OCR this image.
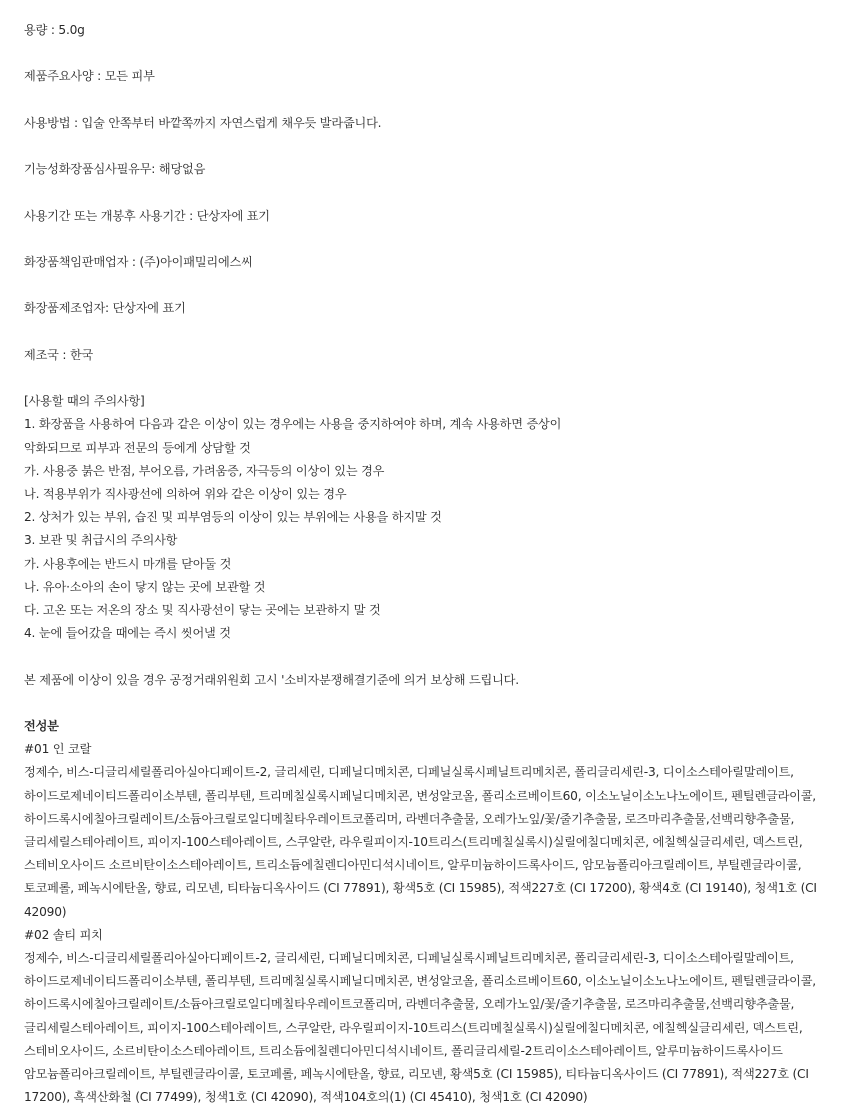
용량 : 5.0g

제품주요사양 : 모든 피부

사용방법 : 입술 안쪽부터 바깥쪽까지 자연스럽게 채우듯 발라줍니다.

기능성화장품심사필유무: 해당없음

사용기간 또는 개봉후 사용기간 : 단상자에 표기

화장품책임판매업자 : (주)아이패밀리에스씨

화장품제조업자: 단상자에 표기

제조국 : 한국

[사용할 때의 주의사항]

1. 화장품을 사용하여 다음과 같은 이상이 있는 경우에는 사용을 중지하여야 하며, 계속 사용하면 증상이

악화되므로 피부과 전문의 등에게 상담할 것

가. 사용중 붉은 반점, 부어오름, 가려움증, 자극등의 이상이 있는 경우

나. 적용부위가 직사광선에 의하여 위와 같은 이상이 있는 경우

2. 상처가 있는 부위, 습진 및 피부염등의 이상이 있는 부위에는 사용을 하지말 것

3. 보관 및 취급시의 주의사항

가. 사용후에는 반드시 마개를 닫아둘 것

나. 유아·소아의 손이 닿지 않는 곳에 보관할 것

다. 고온 또는 저온의 장소 및 직사광선이 닿는 곳에는 보관하지 말 것

4. 눈에 들어갔을 때에는 즉시 씻어낼 것

본 제품에 이상이 있을 경우 공정거래위원회 고시 '소비자분쟁해결기준에 의거 보상해 드립니다.

전성분

#01 인 코랄

정제수, 비스-디글리세릴폴리아실아디페이트-2, 글리세린, 디페닐디메치콘, 디페닐실록시페닐트리메치콘, 폴리글리세린-3, 디이소스테아릴말레이트,

하이드로제네이티드폴리이소부텐, 폴리부텐, 트리메칠실록시페닐디메치콘, 변성알코올, 폴리소르베이트60, 이소노닐이소노나노에이트, 펜틸렌글라이콜,

하이드록시에칠아크릴레이트/소듐아크릴로일디메칠타우레이트코폴리머, 라벤더추출물, 오레가노잎/꽃/줄기추출물, 로즈마리추출물,선백리향추출물,

글리세릴스테아레이트, 피이지-100스테아레이트, 스쿠알란, 라우릴피이지-10트리스(트리메칠실록시)실릴에칠디메치콘, 에칠헥실글리세린, 덱스트린,

스테비오사이드 소르비탄이소스테아레이트, 트리소듐에칠렌디아민디석시네이트, 알루미늄하이드록사이드, 암모늄폴리아크릴레이트, 부틸렌글라이콜,

토코페롤, 페녹시에탄올, 향료, 리모넨, 티타늄디옥사이드 (CI 77891), 황색5호 (CI 15985), 적색227호 (CI 17200), 황색4호 (CI 19140), 청색1호 (CI

42090)

#02 솔티 피치

정제수, 비스-디글리세릴폴리아실아디페이트-2, 글리세린, 디페닐디메치콘, 디페닐실록시페닐트리메치콘, 폴리글리세린-3, 디이소스테아릴말레이트,

하이드로제네이티드폴리이소부텐, 폴리부텐, 트리메칠실록시페닐디메치콘, 변성알코올, 폴리소르베이트60, 이소노닐이소노나노에이트, 펜틸렌글라이콜,

하이드록시에칠아크릴레이트/소듐아크릴로일디메칠타우레이트코폴리머, 라벤더추출물, 오레가노잎/꽃/줄기추출물, 로즈마리추출물,선백리향추출물,

글리세릴스테아레이트, 피이지-100스테아레이트, 스쿠알란, 라우릴피이지-10트리스(트리메칠실록시)실릴에칠디메치콘, 에칠헥실글리세린, 덱스트린,

스테비오사이드, 소르비탄이소스테아레이트, 트리소듐에칠렌디아민디석시네이트, 폴리글리세릴-2트리이소스테아레이트, 알루미늄하이드록사이드

암모늄폴리아크릴레이트, 부틸렌글라이콜, 토코페롤, 페녹시에탄올, 향료, 리모넨, 황색5호 (CI 15985), 티타늄디옥사이드 (CI 77891), 적색227호 (CI

17200), 흑색산화철 (CI 77499), 청색1호 (CI 42090), 적색104호의(1) (CI 45410), 청색1호 (CI 42090)
